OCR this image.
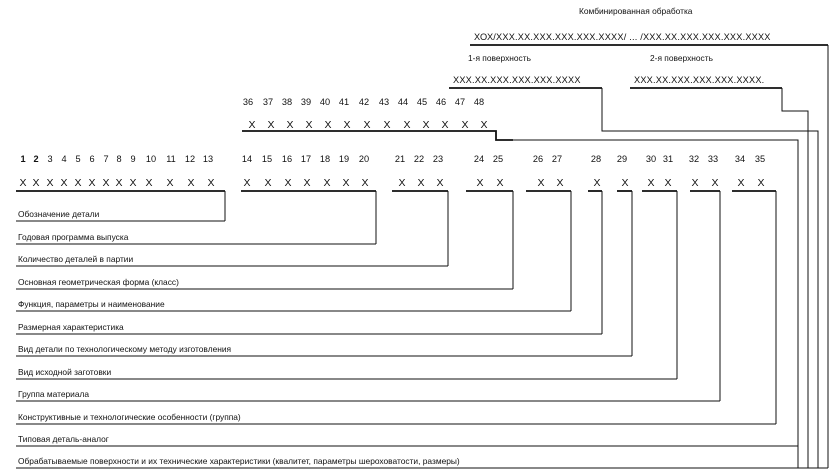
Комбинированная обработка
ХОХ/ХХХ.ХХ.ХХХ.ХХХ.ХХХ.ХХХХ/ ... /ХХХ.ХХ.ХХХ.ХХХ.ХХХ.ХХХХ
1-я поверхность	2-я поверхность
ХХХ.ХХ.ХХХ.ХХХ.ХХХ.ХХХХ	ХХХ.ХХ.ХХХ.ХХХ.ХХХ.ХХХХ.
36 37 38 39 40 41 42 43 44 45 46 47 48
Х Х Х Х Х Х Х Х Х Х Х Х Х
1 2 3 4 5 6 7 8 9 10 11 12 13	14 15 16 17 18 19 20	21 22 23	24 25	26 27	28 29 30 31 32 33 34 35
Х Х Х Х Х Х Х Х Х Х Х Х Х	Х Х Х Х Х Х Х	Х Х Х	Х Х	Х Х	Х Х Х Х Х Х Х Х
Обозначение детали
Годовая программа выпуска
Количество деталей в партии
Основная геометрическая форма (класс)
Функция, параметры и наименование
Размерная характеристика
Вид детали по технологическому методу изготовления
Вид исходной заготовки
Группа материала
Конструктивные и технологические особенности (группа)
Типовая деталь-аналог
Обрабатываемые поверхности и их технические характеристики (квалитет, параметры шероховатости, размеры)
